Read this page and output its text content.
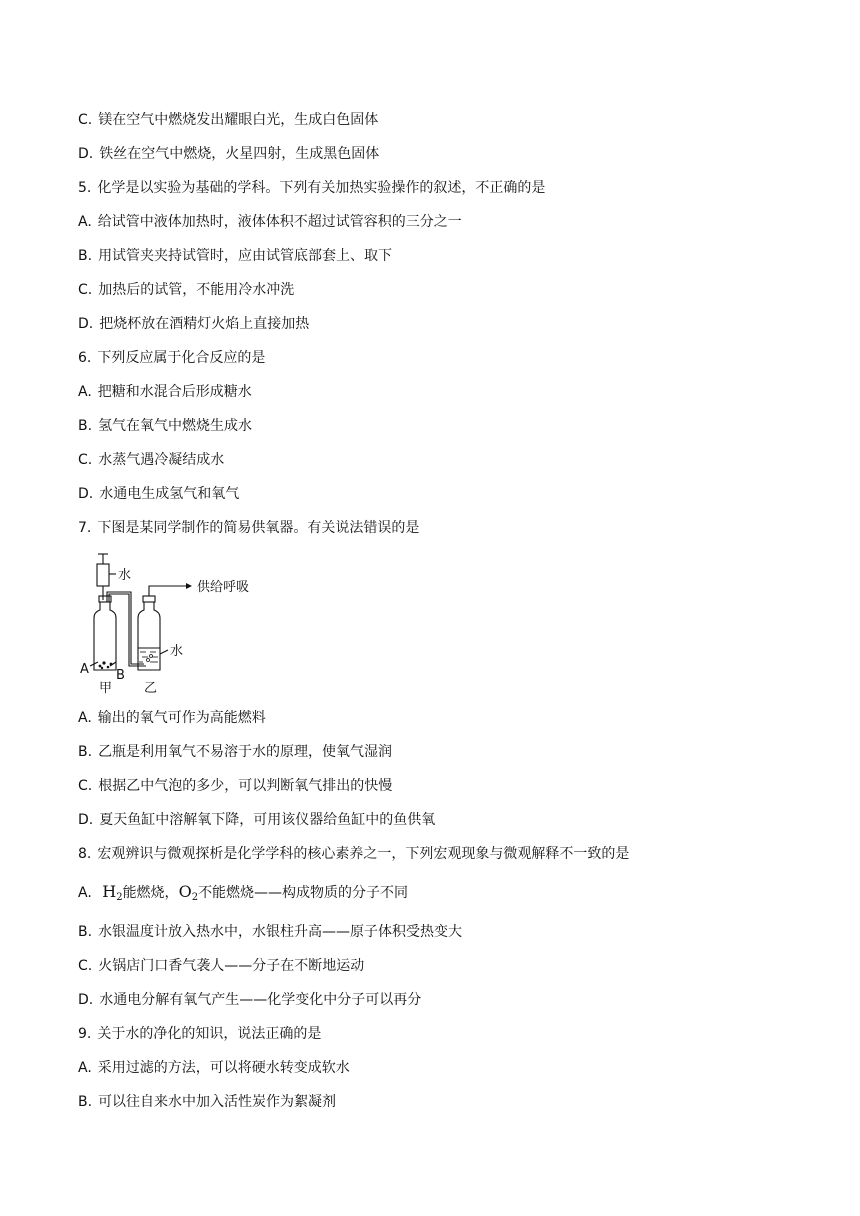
C. 镁在空气中燃烧发出耀眼白光，生成白色固体
D. 铁丝在空气中燃烧，火星四射，生成黑色固体
5. 化学是以实验为基础的学科。下列有关加热实验操作的叙述，不正确的是
A. 给试管中液体加热时，液体体积不超过试管容积的三分之一
B. 用试管夹夹持试管时，应由试管底部套上、取下
C. 加热后的试管，不能用冷水冲洗
D. 把烧杯放在酒精灯火焰上直接加热
6. 下列反应属于化合反应的是
A. 把糖和水混合后形成糖水
B. 氢气在氧气中燃烧生成水
C. 水蒸气遇冷凝结成水
D. 水通电生成氢气和氧气
7. 下图是某同学制作的简易供氧器。有关说法错误的是
水
供给呼吸
水
A B
甲 乙
A. 输出的氧气可作为高能燃料
B. 乙瓶是利用氧气不易溶于水的原理，使氧气湿润
C. 根据乙中气泡的多少，可以判断氧气排出的快慢
D. 夏天鱼缸中溶解氧下降，可用该仪器给鱼缸中的鱼供氧
8. 宏观辨识与微观探析是化学学科的核心素养之一，下列宏观现象与微观解释不一致的是
A. $H_2$能燃烧，$O_2$不能燃烧——构成物质的分子不同
B. 水银温度计放入热水中，水银柱升高——原子体积受热变大
C. 火锅店门口香气袭人——分子在不断地运动
D. 水通电分解有氧气产生——化学变化中分子可以再分
9. 关于水的净化的知识，说法正确的是
A. 采用过滤的方法，可以将硬水转变成软水
B. 可以往自来水中加入活性炭作为絮凝剂
